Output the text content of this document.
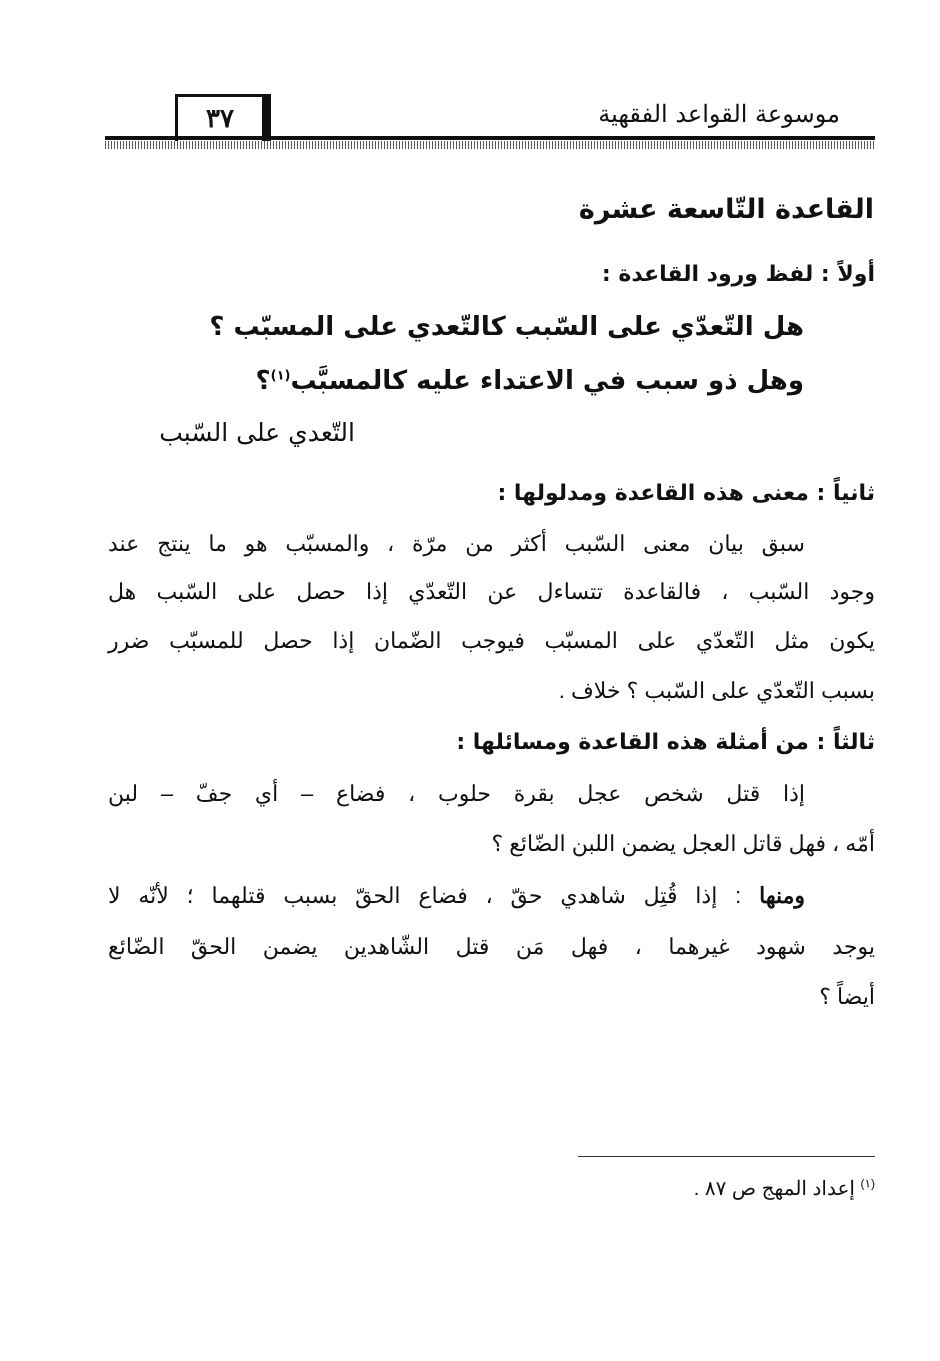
موسوعة القواعد الفقهية
٣٧
القاعدة التّاسعة عشرة
أولاً : لفظ ورود القاعدة :
هل التّعدّي على السّبب كالتّعدي على المسبّب ؟
وهل ذو سبب في الاعتداء عليه كالمسبَّب$^{(١)}$؟
التّعدي على السّبب
ثانياً : معنى هذه القاعدة ومدلولها :
سبق بيان معنى السّبب أكثر من مرّة ، والمسبّب هو ما ينتج عند
وجود السّبب ، فالقاعدة تتساءل عن التّعدّي إذا حصل على السّبب هل
يكون مثل التّعدّي على المسبّب فيوجب الضّمان إذا حصل للمسبّب ضرر
بسبب التّعدّي على السّبب ؟ خلاف .
ثالثاً : من أمثلة هذه القاعدة ومسائلها :
إذا قتل شخص عجل بقرة حلوب ، فضاع – أي جفّ – لبن
أمّه ، فهل قاتل العجل يضمن اللبن الضّائع ؟
ومنها : إذا قُتِل شاهدي حقّ ، فضاع الحقّ بسبب قتلهما ؛ لأنّه لا
يوجد شهود غيرهما ، فهل مَن قتل الشّاهدين يضمن الحقّ الضّائع
أيضاً ؟
$^{(١)}$ إعداد المهج ص ٨٧ .
